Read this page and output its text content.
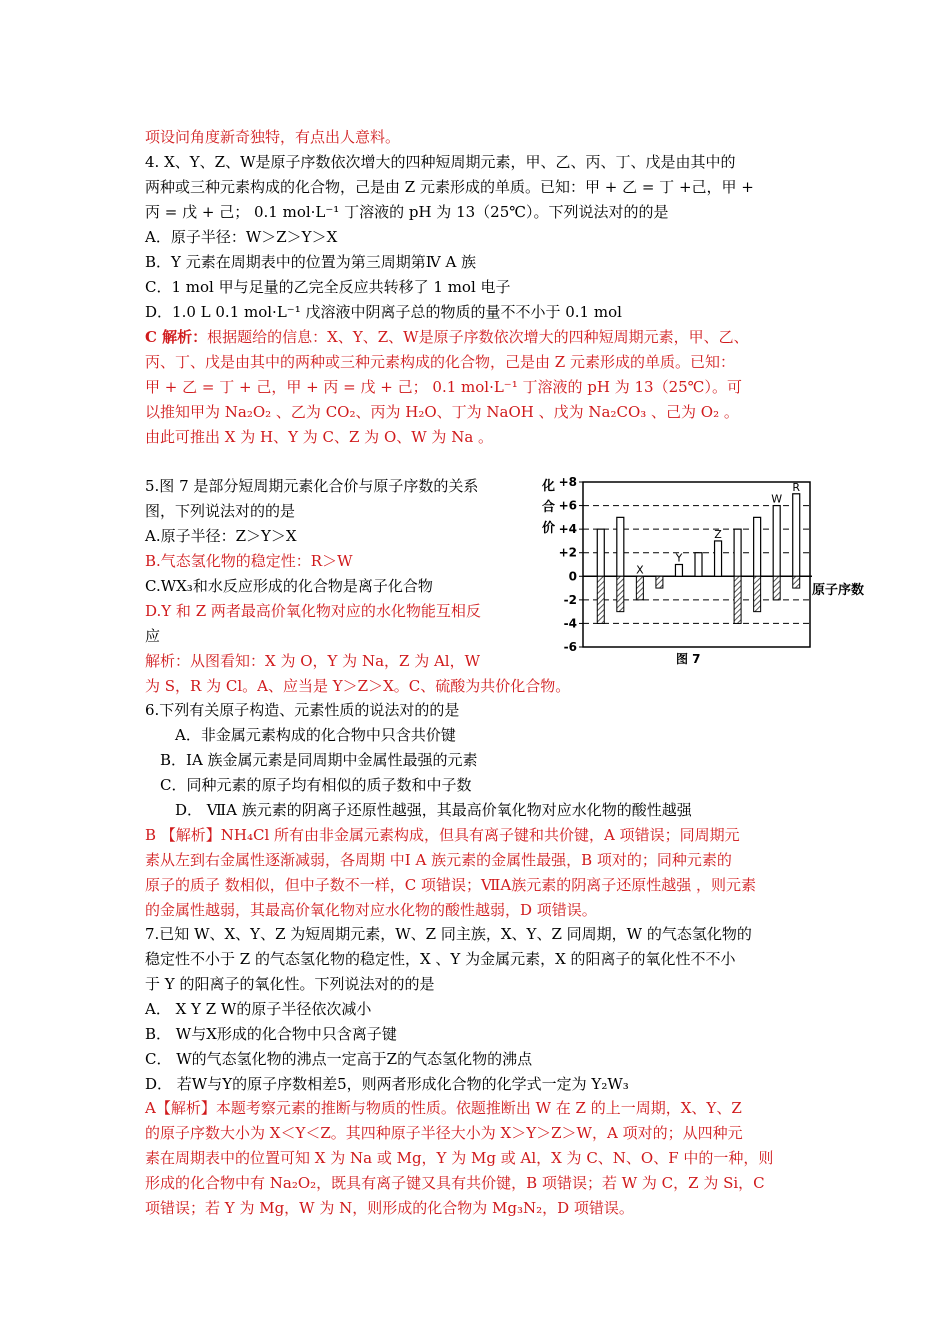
项设问角度新奇独特，有点出人意料。
4. X、Y、Z、W是原子序数依次增大的四种短周期元素，甲、乙、丙、丁、戊是由其中的
两种或三种元素构成的化合物，己是由 Z 元素形成的单质。已知：甲 + 乙 = 丁 +己，甲 +
丙 = 戊 + 己； 0.1 mol·L⁻¹ 丁溶液的 pH 为 13（25℃）。下列说法对的的是
A．原子半径：W＞Z＞Y＞X
B．Y 元素在周期表中的位置为第三周期第Ⅳ A 族
C．1 mol 甲与足量的乙完全反应共转移了 1 mol 电子
D．1.0 L 0.1 mol·L⁻¹ 戊溶液中阴离子总的物质的量不不小于 0.1 mol
C 解析：根据题给的信息：X、Y、Z、W是原子序数依次增大的四种短周期元素，甲、乙、
丙、丁、戊是由其中的两种或三种元素构成的化合物，己是由 Z 元素形成的单质。已知：
甲 + 乙 = 丁 + 己，甲 + 丙 = 戊 + 己； 0.1 mol·L⁻¹ 丁溶液的 pH 为 13（25℃）。可
以推知甲为 Na₂O₂ 、乙为 CO₂、丙为 H₂O、丁为 NaOH 、戊为 Na₂CO₃ 、己为 O₂ 。
由此可推出 X 为 H、Y 为 C、Z 为 O、W 为 Na 。
5.图 7 是部分短周期元素化合价与原子序数的关系
图，下列说法对的的是
A.原子半径：Z＞Y＞X
B.气态氢化物的稳定性：R＞W
C.WX₃和水反应形成的化合物是离子化合物
D.Y 和 Z 两者最高价氧化物对应的水化物能互相反
应
解析：从图看知：X 为 O，Y 为 Na，Z 为 Al，W
为 S，R 为 Cl。A、应当是 Y＞Z＞X。C、硫酸为共价化合物。
X
Y
Z
W
R
+8
+6
+4
+2
0
-2
-4
-6
化
合
价
原子序数
图 7
6.下列有关原子构造、元素性质的说法对的的是
A．非金属元素构成的化合物中只含共价键
B．IA 族金属元素是同周期中金属性最强的元素
C．同种元素的原子均有相似的质子数和中子数
D． ⅦA 族元素的阴离子还原性越强，其最高价氧化物对应水化物的酸性越强
B 【解析】NH₄Cl 所有由非金属元素构成，但具有离子键和共价键，A 项错误；同周期元
素从左到右金属性逐渐减弱，各周期 中Ⅰ A 族元素的金属性最强，B 项对的；同种元素的
原子的质子 数相似，但中子数不一样，C 项错误；ⅦA族元素的阴离子还原性越强 ，则元素
的金属性越弱，其最高价氧化物对应水化物的酸性越弱，D 项错误。
7.已知 W、X、Y、Z 为短周期元素，W、Z 同主族，X、Y、Z 同周期，W 的气态氢化物的
稳定性不小于 Z 的气态氢化物的稳定性，X 、Y 为金属元素，X 的阳离子的氧化性不不小
于 Y 的阳离子的氧化性。下列说法对的的是
A． X Y Z W的原子半径依次减小
B． W与X形成的化合物中只含离子键
C． W的气态氢化物的沸点一定高于Z的气态氢化物的沸点
D． 若W与Y的原子序数相差5，则两者形成化合物的化学式一定为 Y₂W₃
A【解析】本题考察元素的推断与物质的性质。依题推断出 W 在 Z 的上一周期，X、Y、Z
的原子序数大小为 X＜Y＜Z。其四种原子半径大小为 X＞Y＞Z＞W，A 项对的；从四种元
素在周期表中的位置可知 X 为 Na 或 Mg，Y 为 Mg 或 Al，X 为 C、N、O、F 中的一种，则
形成的化合物中有 Na₂O₂，既具有离子键又具有共价键，B 项错误；若 W 为 C，Z 为 Si，C
项错误；若 Y 为 Mg，W 为 N，则形成的化合物为 Mg₃N₂，D 项错误。
